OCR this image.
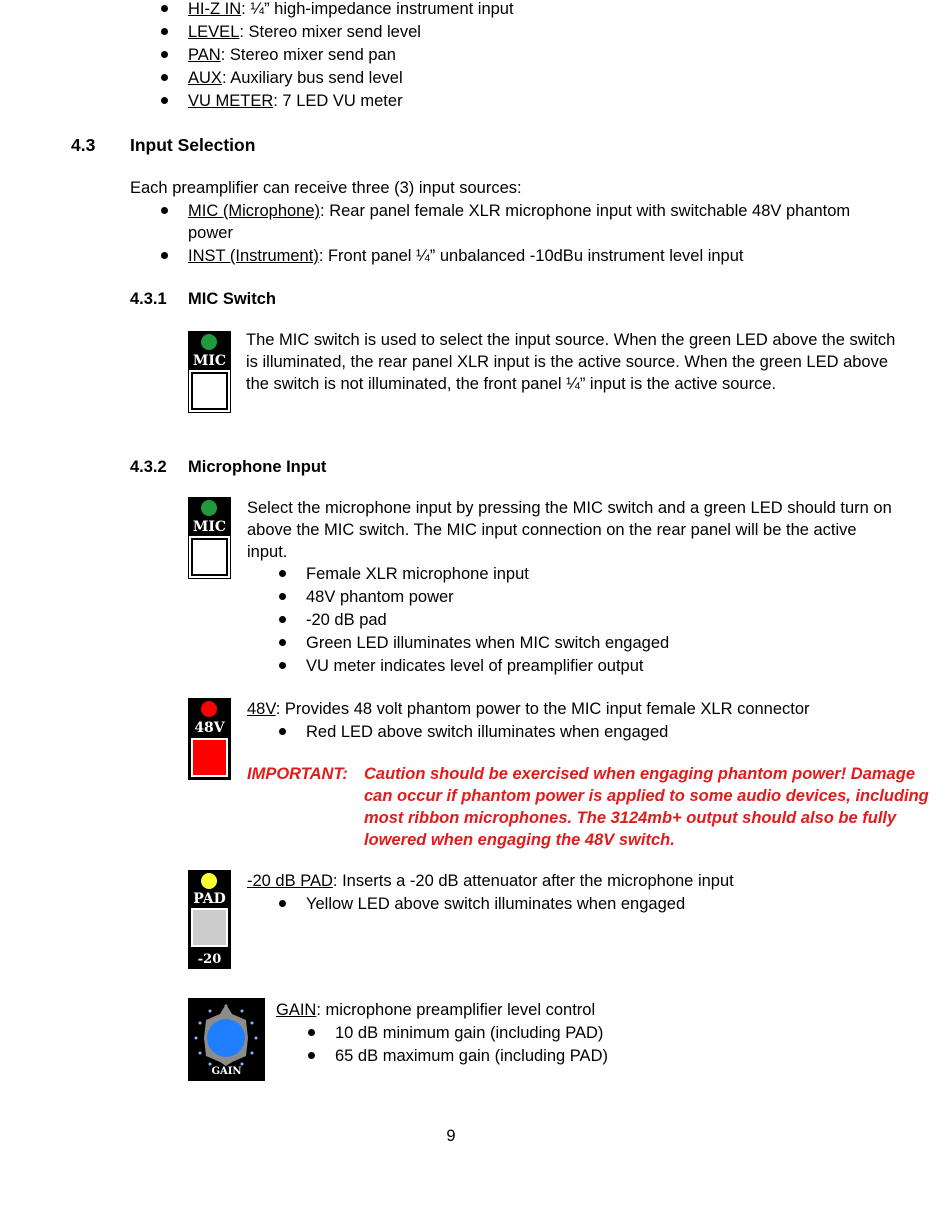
HI-Z IN: ¼” high-impedance instrument input
LEVEL: Stereo mixer send level
PAN: Stereo mixer send pan
AUX: Auxiliary bus send level
VU METER: 7 LED VU meter
4.3 Input Selection
Each preamplifier can receive three (3) input sources:
MIC (Microphone): Rear panel female XLR microphone input with switchable 48V phantom
power
INST (Instrument): Front panel ¼” unbalanced -10dBu instrument level input
4.3.1 MIC Switch
MIC
The MIC switch is used to select the input source. When the green LED above the switch
is illuminated, the rear panel XLR input is the active source. When the green LED above
the switch is not illuminated, the front panel ¼” input is the active source.
4.3.2 Microphone Input
MIC
Select the microphone input by pressing the MIC switch and a green LED should turn on
above the MIC switch. The MIC input connection on the rear panel will be the active
input.
Female XLR microphone input
48V phantom power
-20 dB pad
Green LED illuminates when MIC switch engaged
VU meter indicates level of preamplifier output
48V
48V: Provides 48 volt phantom power to the MIC input female XLR connector
Red LED above switch illuminates when engaged
IMPORTANT: Caution should be exercised when engaging phantom power! Damage
can occur if phantom power is applied to some audio devices, including
most ribbon microphones. The 3124mb+ output should also be fully
lowered when engaging the 48V switch.
PAD
-20
-20 dB PAD: Inserts a -20 dB attenuator after the microphone input
Yellow LED above switch illuminates when engaged
GAIN
GAIN: microphone preamplifier level control
10 dB minimum gain (including PAD)
65 dB maximum gain (including PAD)
9
